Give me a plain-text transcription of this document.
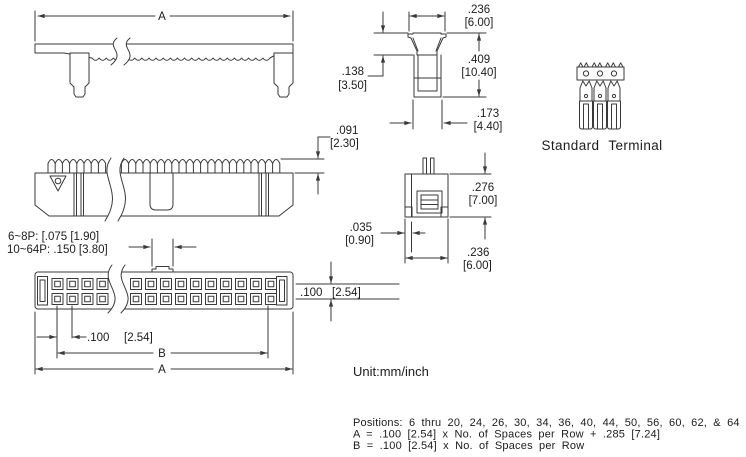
A
.091
[2.30]
.236
[6.00]
.138
[3.50]
.409
[10.40]
.173
[4.40]
.276
[7.00]
.035
[0.90]
.236
[6.00]
Standard Terminal
6~8P: [.075 [1.90]
10~64P: .150 [3.80]
.100 [2.54]
.100 [2.54]
B
A	Unit:mm/inch
Positions: 6 thru 20, 24, 26, 30, 34, 36, 40, 44, 50, 56, 60, 62, & 64
A = .100 [2.54] x No. of Spaces per Row + .285 [7.24]
B = .100 [2.54] x No. of Spaces per Row
